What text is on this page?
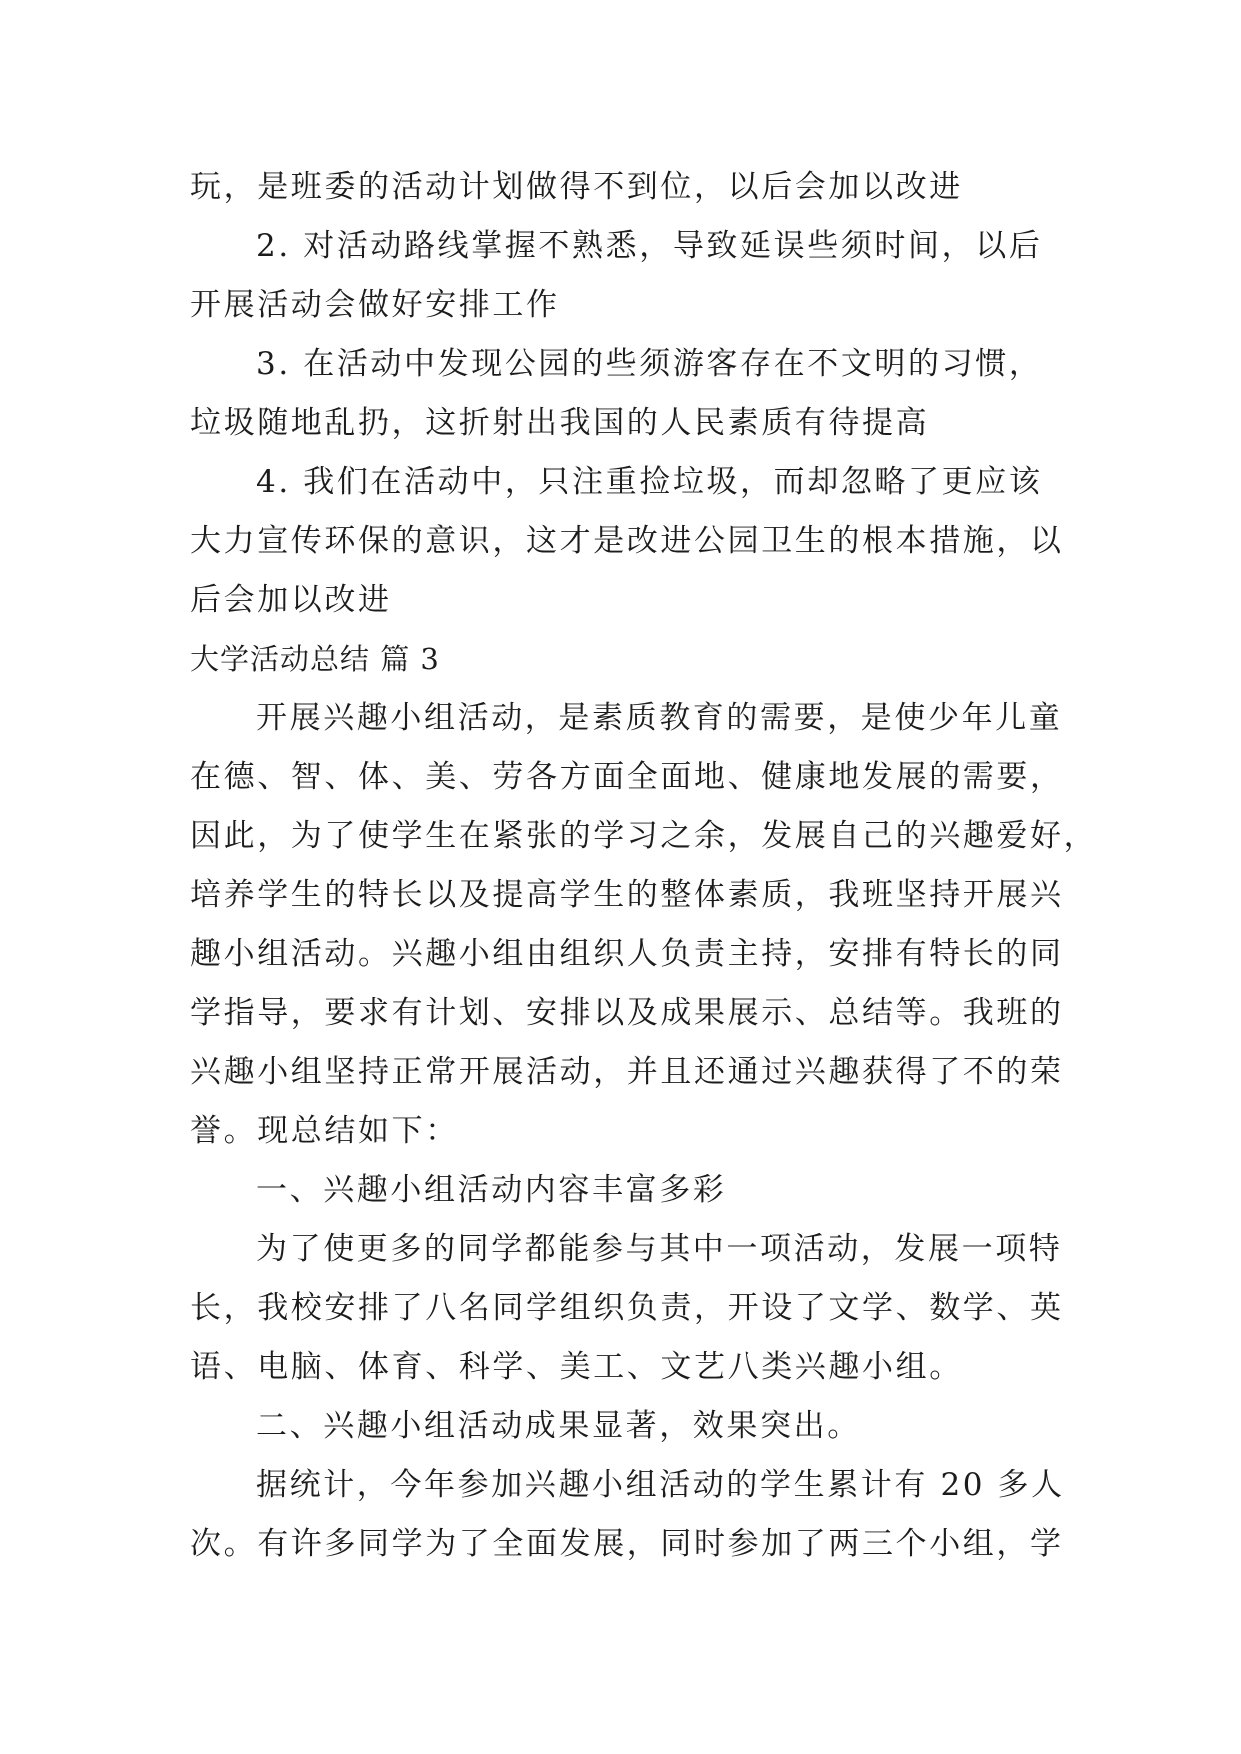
玩，是班委的活动计划做得不到位，以后会加以改进
2. 对活动路线掌握不熟悉，导致延误些须时间，以后
开展活动会做好安排工作
3. 在活动中发现公园的些须游客存在不文明的习惯，
垃圾随地乱扔，这折射出我国的人民素质有待提高
4. 我们在活动中，只注重捡垃圾，而却忽略了更应该
大力宣传环保的意识，这才是改进公园卫生的根本措施，以
后会加以改进
大学活动总结 篇 3
开展兴趣小组活动，是素质教育的需要，是使少年儿童
在德、智、体、美、劳各方面全面地、健康地发展的需要，
因此，为了使学生在紧张的学习之余，发展自己的兴趣爱好，
培养学生的特长以及提高学生的整体素质，我班坚持开展兴
趣小组活动。兴趣小组由组织人负责主持，安排有特长的同
学指导，要求有计划、安排以及成果展示、总结等。我班的
兴趣小组坚持正常开展活动，并且还通过兴趣获得了不的荣
誉。现总结如下：
一、兴趣小组活动内容丰富多彩
为了使更多的同学都能参与其中一项活动，发展一项特
长，我校安排了八名同学组织负责，开设了文学、数学、英
语、电脑、体育、科学、美工、文艺八类兴趣小组。
二、兴趣小组活动成果显著，效果突出。
据统计，今年参加兴趣小组活动的学生累计有 20 多人
次。有许多同学为了全面发展，同时参加了两三个小组，学
